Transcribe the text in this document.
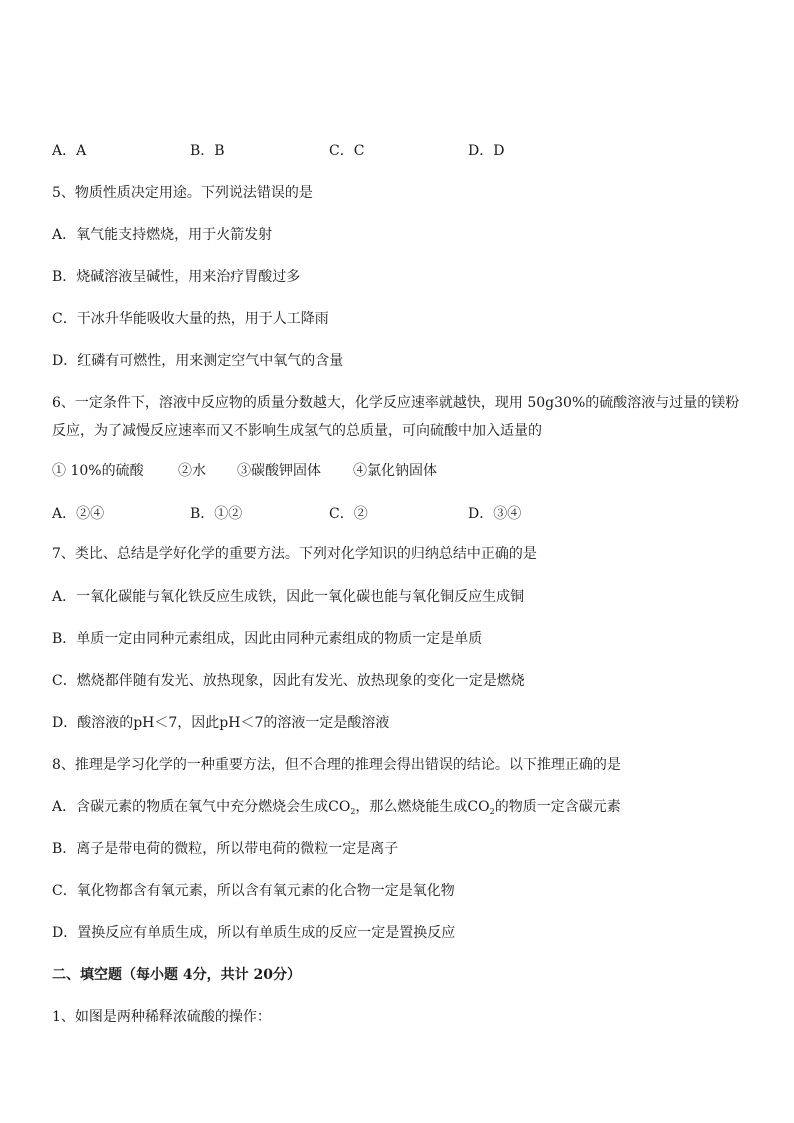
A．A	B．B	C．C	D．D
5、物质性质决定用途。下列说法错误的是
A．氧气能支持燃烧，用于火箭发射
B．烧碱溶液呈碱性，用来治疗胃酸过多
C．干冰升华能吸收大量的热，用于人工降雨
D．红磷有可燃性，用来测定空气中氧气的含量
6、一定条件下，溶液中反应物的质量分数越大，化学反应速率就越快，现用 50g30%的硫酸溶液与过量的镁粉反应，为了减慢反应速率而又不影响生成氢气的总质量，可向硫酸中加入适量的
① 10%的硫酸 ②水 ③碳酸钾固体 ④氯化钠固体
A．②④	B．①②	C．②	D．③④
7、类比、总结是学好化学的重要方法。下列对化学知识的归纳总结中正确的是
A．一氧化碳能与氧化铁反应生成铁，因此一氧化碳也能与氧化铜反应生成铜
B．单质一定由同种元素组成，因此由同种元素组成的物质一定是单质
C．燃烧都伴随有发光、放热现象，因此有发光、放热现象的变化一定是燃烧
D．酸溶液的pH＜7，因此pH＜7的溶液一定是酸溶液
8、推理是学习化学的一种重要方法，但不合理的推理会得出错误的结论。以下推理正确的是
A．含碳元素的物质在氧气中充分燃烧会生成$CO_2$，那么燃烧能生成$CO_2$的物质一定含碳元素
B．离子是带电荷的微粒，所以带电荷的微粒一定是离子
C．氧化物都含有氧元素，所以含有氧元素的化合物一定是氧化物
D．置换反应有单质生成，所以有单质生成的反应一定是置换反应
二、填空题（每小题 4分，共计 20分）
1、如图是两种稀释浓硫酸的操作：
